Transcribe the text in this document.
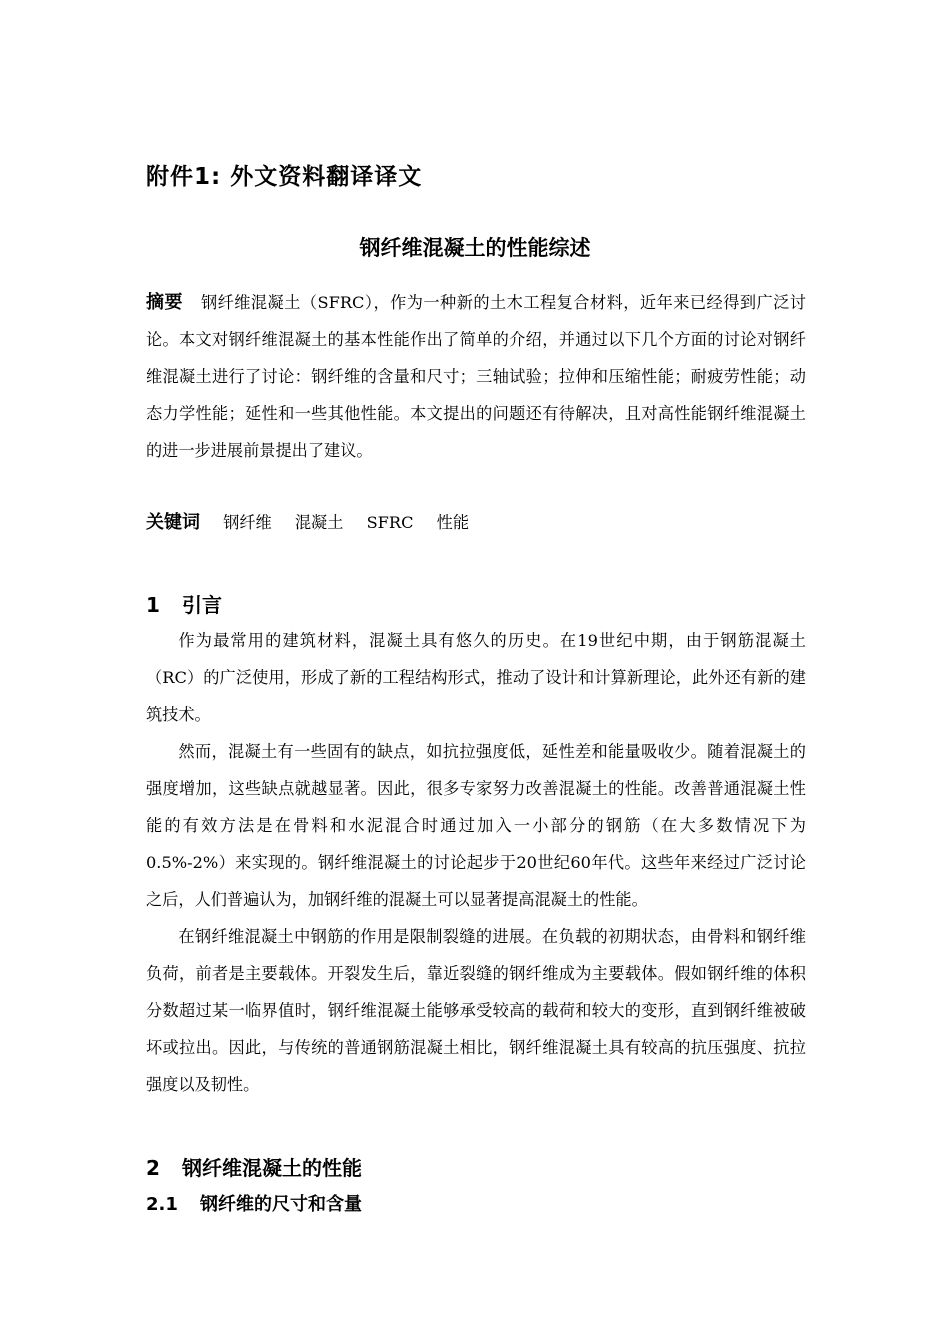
附件1: 外文资料翻译译文
钢纤维混凝土的性能综述
摘要 钢纤维混凝土（SFRC），作为一种新的土木工程复合材料，近年来已经得到广泛讨论。本文对钢纤维混凝土的基本性能作出了简单的介绍，并通过以下几个方面的讨论对钢纤维混凝土进行了讨论：钢纤维的含量和尺寸；三轴试验；拉伸和压缩性能；耐疲劳性能；动态力学性能；延性和一些其他性能。本文提出的问题还有待解决，且对高性能钢纤维混凝土的进一步进展前景提出了建议。
关键词 钢纤维 混凝土 SFRC 性能
1 引言

作为最常用的建筑材料，混凝土具有悠久的历史。在19世纪中期，由于钢筋混凝土（RC）的广泛使用，形成了新的工程结构形式，推动了设计和计算新理论，此外还有新的建筑技术。

然而，混凝土有一些固有的缺点，如抗拉强度低，延性差和能量吸收少。随着混凝土的强度增加，这些缺点就越显著。因此，很多专家努力改善混凝土的性能。改善普通混凝土性能的有效方法是在骨料和水泥混合时通过加入一小部分的钢筋（在大多数情况下为0.5%-2%）来实现的。钢纤维混凝土的讨论起步于20世纪60年代。这些年来经过广泛讨论之后，人们普遍认为，加钢纤维的混凝土可以显著提高混凝土的性能。

在钢纤维混凝土中钢筋的作用是限制裂缝的进展。在负载的初期状态，由骨料和钢纤维负荷，前者是主要载体。开裂发生后，靠近裂缝的钢纤维成为主要载体。假如钢纤维的体积分数超过某一临界值时，钢纤维混凝土能够承受较高的载荷和较大的变形，直到钢纤维被破坏或拉出。因此，与传统的普通钢筋混凝土相比，钢纤维混凝土具有较高的抗压强度、抗拉强度以及韧性。

2 钢纤维混凝土的性能
2.1 钢纤维的尺寸和含量
